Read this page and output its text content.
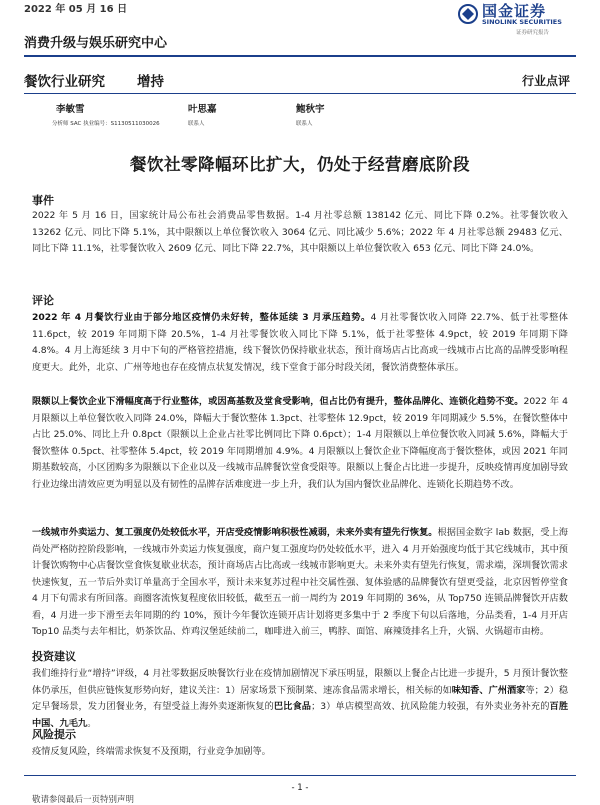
2022 年 05 月 16 日	国金证券
SINOLINK SECURITIES
证券研究报告
消费升级与娱乐研究中心
餐饮行业研究 增持	行业点评
李敏雪
分析师 SAC 执业编号：S1130511030026
叶思嘉
联系人
鲍秋宇
联系人
餐饮社零降幅环比扩大，仍处于经营磨底阶段
事件
2022 年 5 月 16 日，国家统计局公布社会消费品零售数据。1-4 月社零总额 138142 亿元、同比下降 0.2%。社零餐饮收入 13262 亿元、同比下降 5.1%，其中限额以上单位餐饮收入 3064 亿元、同比减少 5.6%；2022 年 4 月社零总额 29483 亿元、同比下降 11.1%，社零餐饮收入 2609 亿元、同比下降 22.7%，其中限额以上单位餐饮收入 653 亿元、同比下降 24.0%。
评论
2022 年 4 月餐饮行业由于部分地区疫情仍未好转，整体延续 3 月承压趋势。4 月社零餐饮收入同降 22.7%、低于社零整体 11.6pct，较 2019 年同期下降 20.5%，1-4 月社零餐饮收入同比下降 5.1%，低于社零整体 4.9pct，较 2019 年同期下降 4.8%。4 月上海延续 3 月中下旬的严格管控措施，线下餐饮仍保持歇业状态，预计商场店占比高或一线城市占比高的品牌受影响程度更大。此外，北京、广州等地也存在疫情点状复发情况，线下堂食于部分时段关闭，餐饮消费整体承压。
限额以上餐饮企业下滑幅度高于行业整体，或因高基数及堂食受影响，但占比仍有提升，整体品牌化、连锁化趋势不变。2022 年 4 月限额以上单位餐饮收入同降 24.0%，降幅大于餐饮整体 1.3pct、社零整体 12.9pct，较 2019 年同期减少 5.5%，在餐饮整体中占比 25.0%、同比上升 0.8pct（限额以上企业占社零比例同比下降 0.6pct）；1-4 月限额以上单位餐饮收入同减 5.6%，降幅大于餐饮整体 0.5pct、社零整体 5.4pct，较 2019 年同期增加 4.9%。4 月限额以上餐饮企业下降幅度高于餐饮整体，或因 2021 年同期基数较高，小区团购多为限额以下企业以及一线城市品牌餐饮堂食受限等。限额以上餐企占比进一步提升，反映疫情再度加剧导致行业边缘出清效应更为明显以及有韧性的品牌存活难度进一步上升，我们认为国内餐饮业品牌化、连锁化长期趋势不改。
一线城市外卖运力、复工强度仍处较低水平，开店受疫情影响积极性减弱，未来外卖有望先行恢复。根据国金数字 lab 数据，受上海尚处严格防控阶段影响，一线城市外卖运力恢复强度，商户复工强度均仍处较低水平，进入 4 月开始强度均低于其它线城市，其中预计餐饮购物中心店餐饮堂食恢复歇业状态，预计商场店占比高或一线城市影响更大。未来外卖有望先行恢复，需求端，深圳餐饮需求快速恢复，五一节后外卖订单量高于全国水平，预计未来复苏过程中社交属性强、复体验感的品牌餐饮有望更受益，北京因暂停堂食 4 月下旬需求有所回落。商圈客流恢复程度依旧较低，截至五一前一周约为 2019 年同期的 36%，从 Top750 连锁品牌餐饮开店数看，4 月进一步下滑至去年同期的约 10%，预计今年餐饮连锁开店计划将更多集中于 2 季度下旬以后落地，分品类看，1-4 月开店 Top10 品类与去年相比，奶茶饮品、炸鸡汉堡延续前二，咖啡进入前三，鸭脖、面馆、麻辣烫排名上升，火锅、火锅超市由榜。
投资建议
我们维持行业“增持”评级，4 月社零数据反映餐饮行业在疫情加剧情况下承压明显，限额以上餐企占比进一步提升，5 月预计餐饮整体仍承压，但供应链恢复形势向好，建议关注：1）居家场景下预制菜、速冻食品需求增长，相关标的如味知香、广州酒家等；2）稳定早餐场景，发力团餐业务，有望受益上海外卖逐渐恢复的巴比食品；3）单店模型高效、抗风险能力较强，有外卖业务补充的百胜中国、九毛九。
风险提示
疫情反复风险，终端需求恢复不及预期，行业竞争加剧等。
- 1 -
敬请参阅最后一页特别声明
